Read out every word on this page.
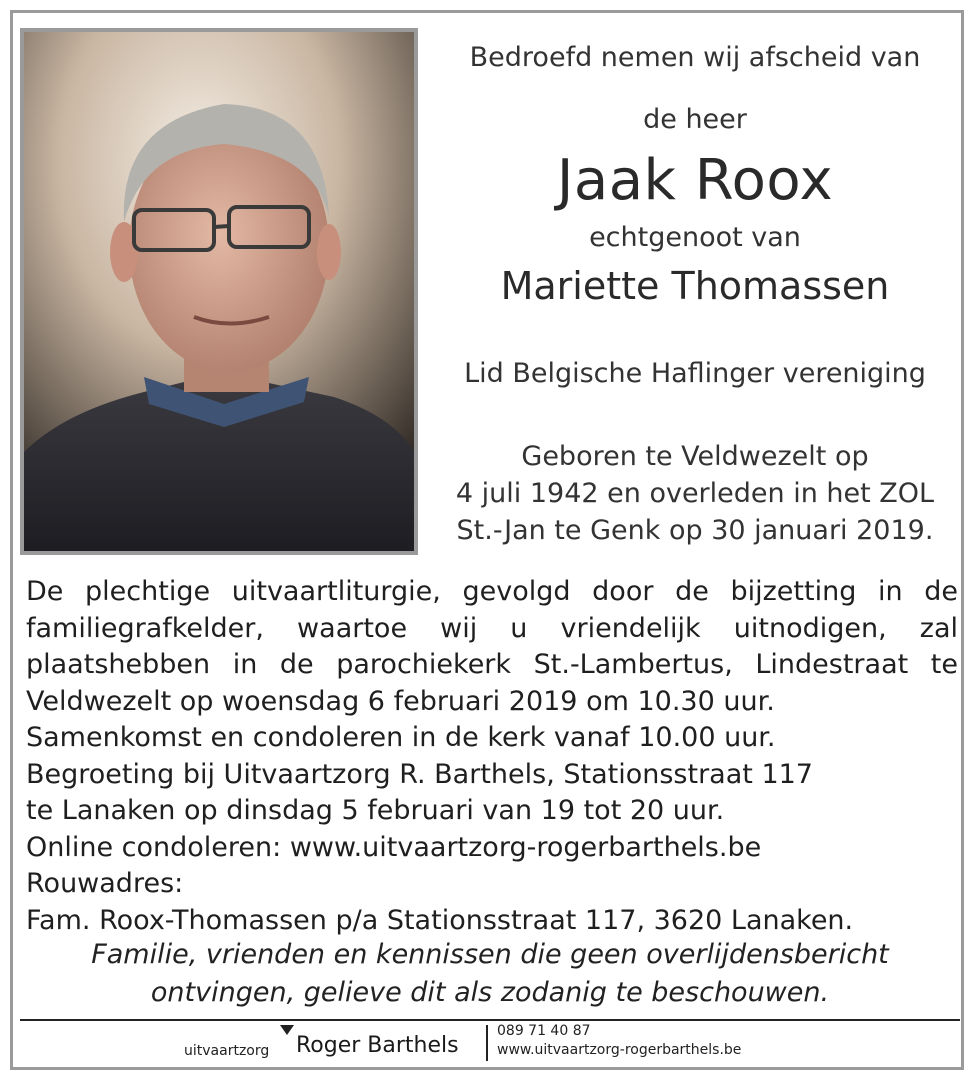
Bedroefd nemen wij afscheid van
de heer
Jaak Roox
echtgenoot van
Mariette Thomassen
Lid Belgische Haflinger vereniging
Geboren te Veldwezelt op
4 juli 1942 en overleden in het ZOL
St.-Jan te Genk op 30 januari 2019.
De plechtige uitvaartliturgie, gevolgd door de bijzetting in de
familiegrafkelder, waartoe wij u vriendelijk uitnodigen, zal
plaatshebben in de parochiekerk St.-Lambertus, Lindestraat te
Veldwezelt op woensdag 6 februari 2019 om 10.30 uur.
Samenkomst en condoleren in de kerk vanaf 10.00 uur.
Begroeting bij Uitvaartzorg R. Barthels, Stationsstraat 117
te Lanaken op dinsdag 5 februari van 19 tot 20 uur.
Online condoleren: www.uitvaartzorg-rogerbarthels.be
Rouwadres:
Fam. Roox-Thomassen p/a Stationsstraat 117, 3620 Lanaken.
Familie, vrienden en kennissen die geen overlijdensbericht
ontvingen, gelieve dit als zodanig te beschouwen.
uitvaartzorg Roger Barthels
089 71 40 87
www.uitvaartzorg-rogerbarthels.be
